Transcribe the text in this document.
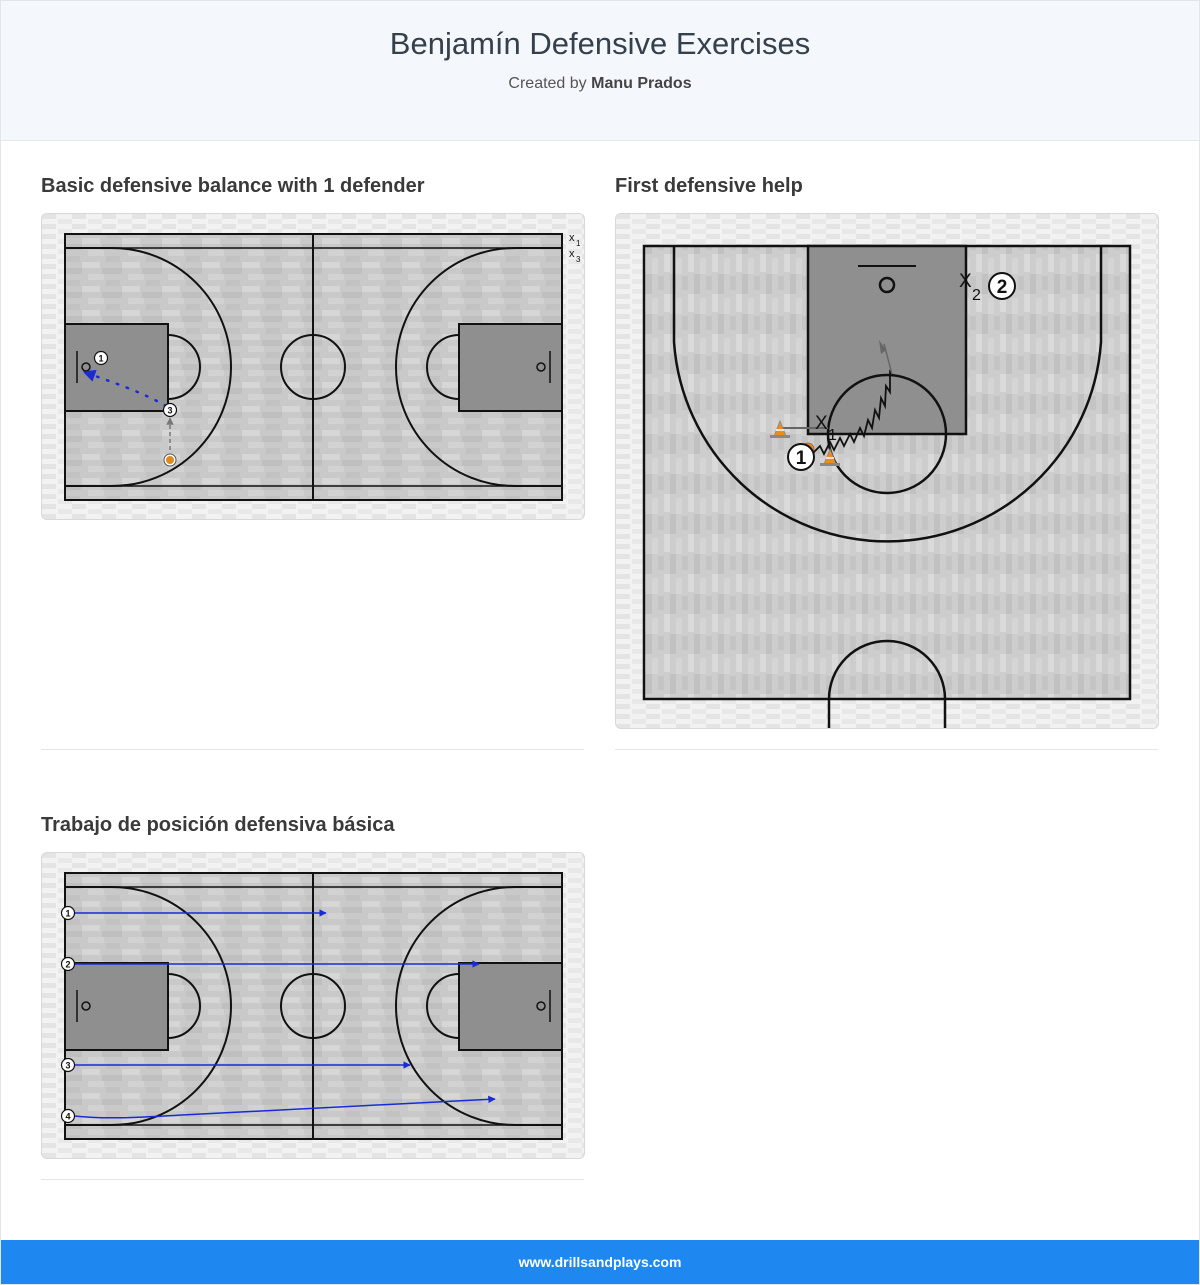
Benjamín Defensive Exercises
Created by Manu Prados
Basic defensive balance with 1 defender
1
3
x 1
x 3
First defensive help
1
2
X
1
X
2
Trabajo de posición defensiva básica
1
2
3
4
www.drillsandplays.com
